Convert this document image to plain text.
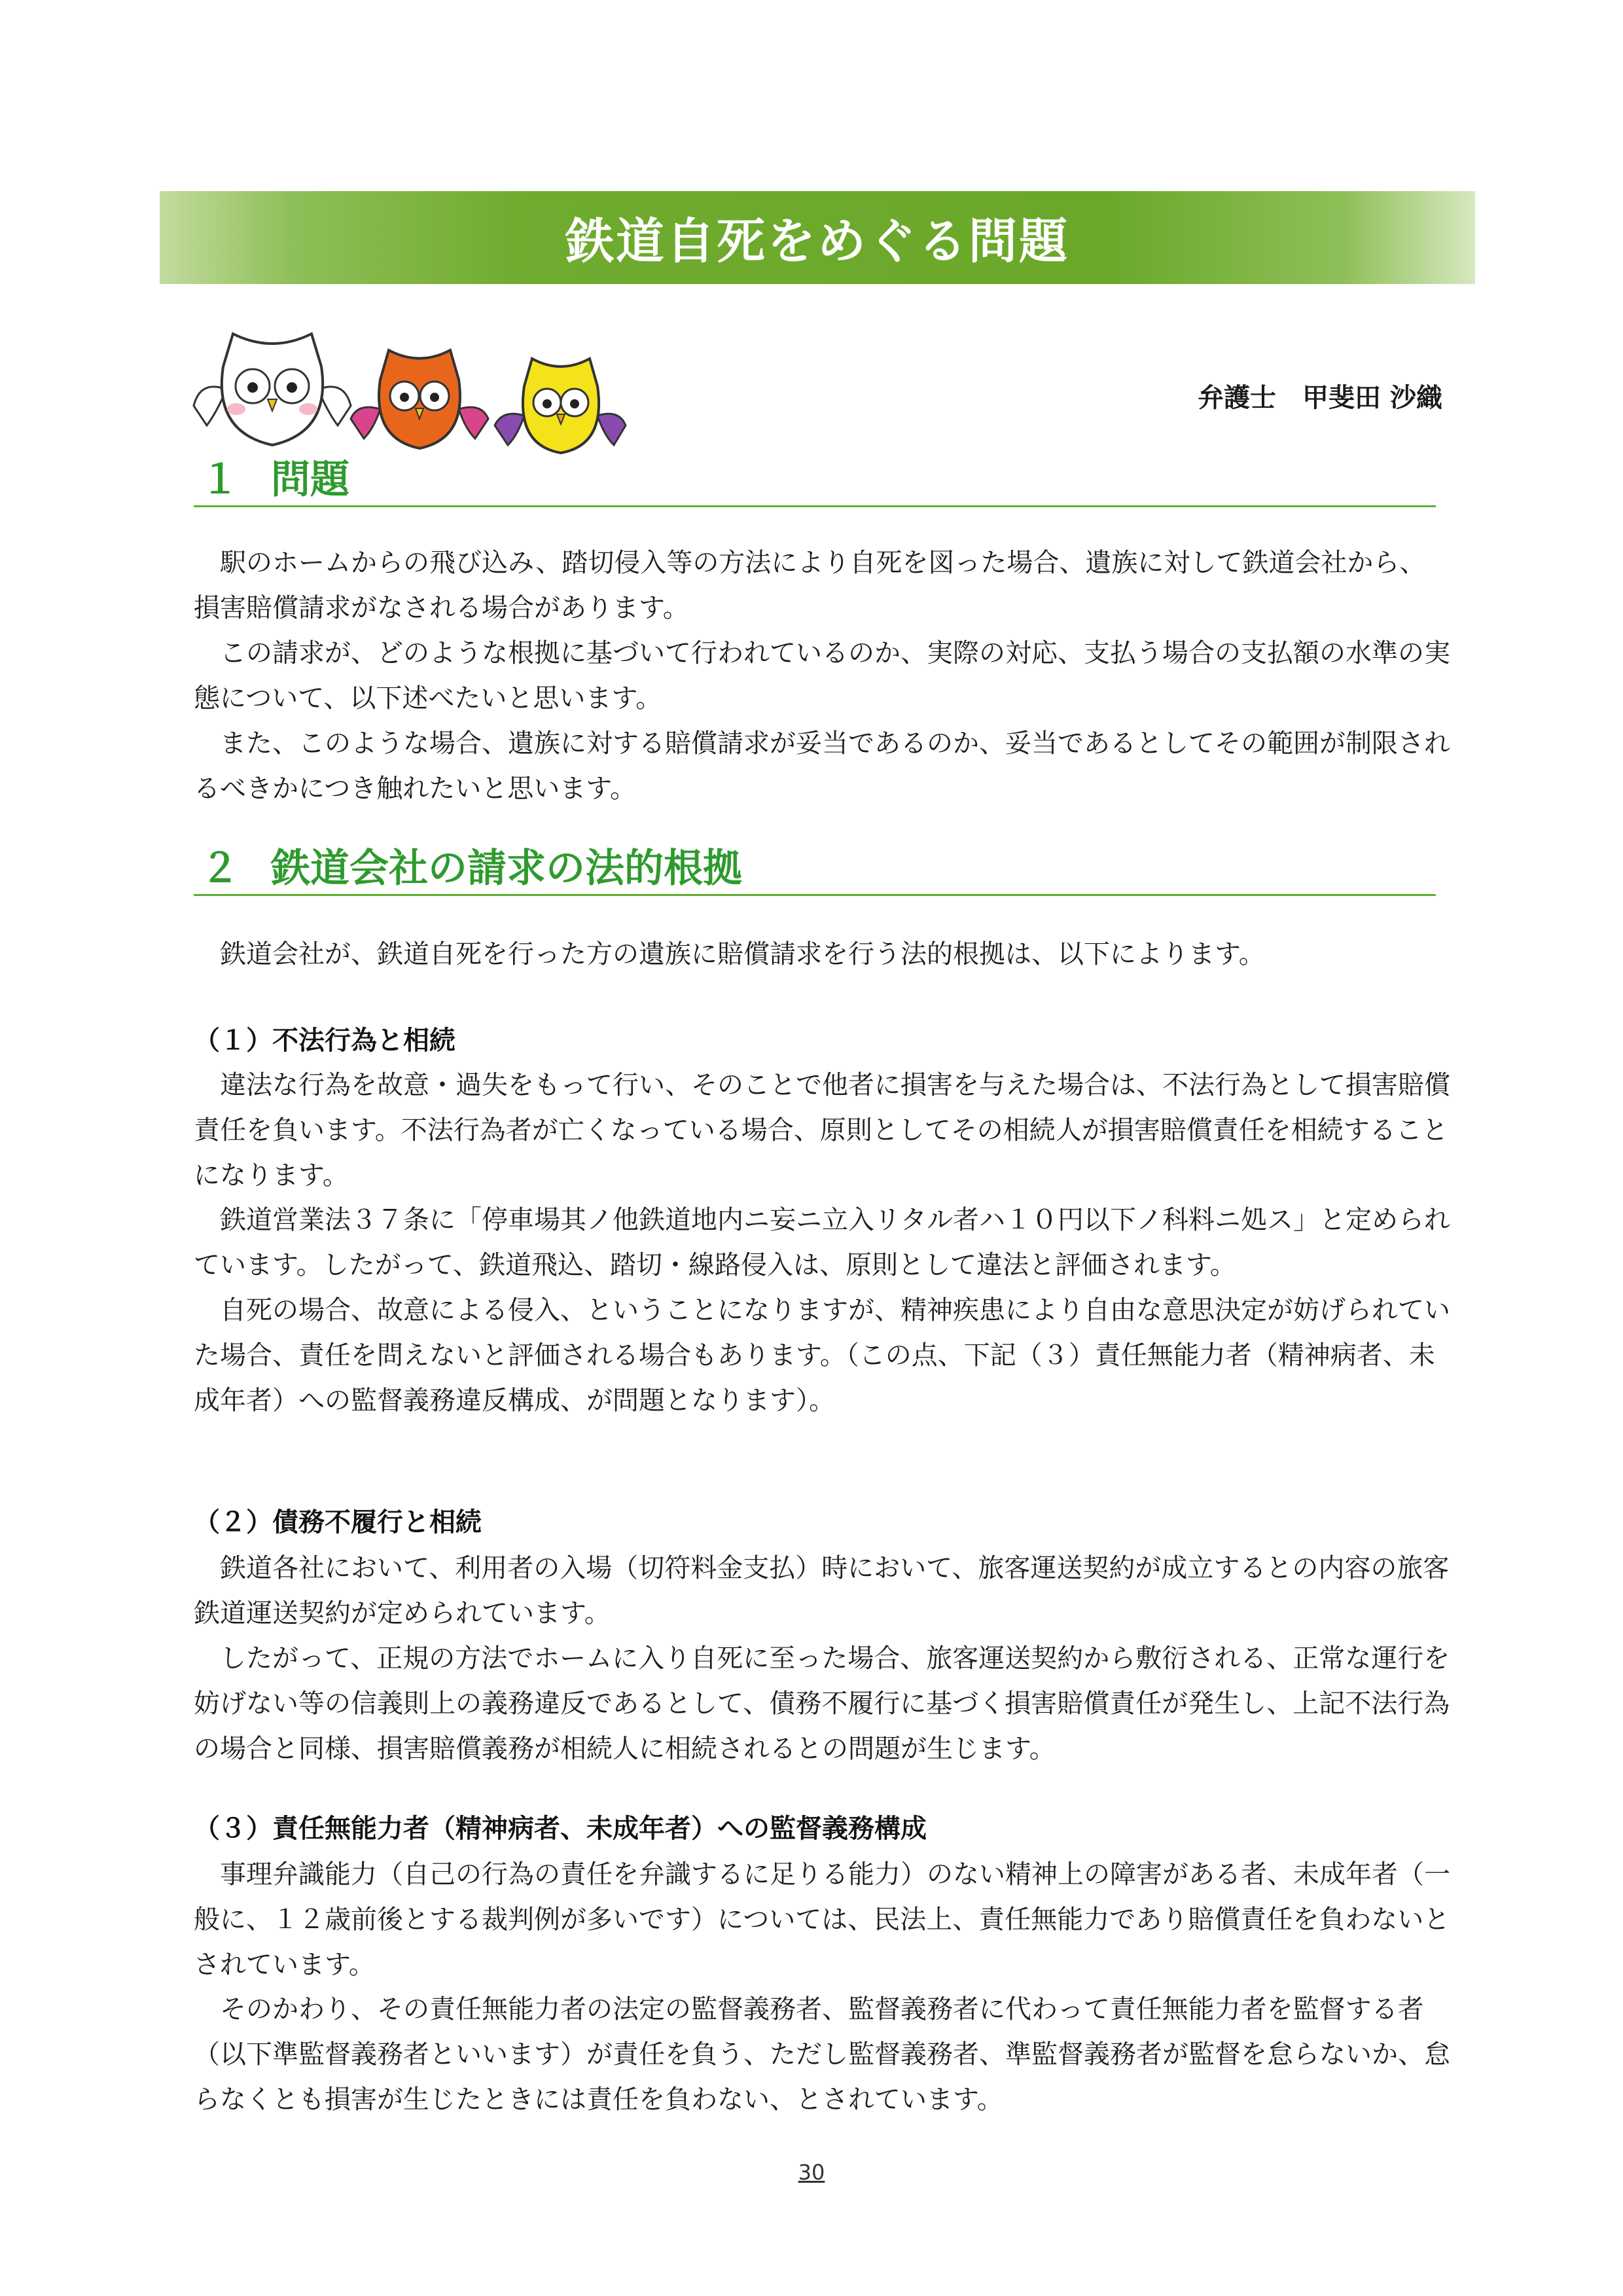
鉄道自死をめぐる問題
弁護士　甲斐田 沙織
１ 問題

駅のホームからの飛び込み、踏切侵入等の方法により自死を図った場合、遺族に対して鉄道会社から、損害賠償請求がなされる場合があります。

この請求が、どのような根拠に基づいて行われているのか、実際の対応、支払う場合の支払額の水準の実態について、以下述べたいと思います。

また、このような場合、遺族に対する賠償請求が妥当であるのか、妥当であるとしてその範囲が制限されるべきかにつき触れたいと思います。

２ 鉄道会社の請求の法的根拠

鉄道会社が、鉄道自死を行った方の遺族に賠償請求を行う法的根拠は、以下によります。

（１）不法行為と相続

違法な行為を故意・過失をもって行い、そのことで他者に損害を与えた場合は、不法行為として損害賠償責任を負います。不法行為者が亡くなっている場合、原則としてその相続人が損害賠償責任を相続することになります。

鉄道営業法３７条に「停車場其ノ他鉄道地内ニ妄ニ立入リタル者ハ１０円以下ノ科料ニ処ス」と定められています。したがって、鉄道飛込、踏切・線路侵入は、原則として違法と評価されます。

自死の場合、故意による侵入、ということになりますが、精神疾患により自由な意思決定が妨げられていた場合、責任を問えないと評価される場合もあります。（この点、下記（３）責任無能力者（精神病者、未成年者）への監督義務違反構成、が問題となります）。

（２）債務不履行と相続

鉄道各社において、利用者の入場（切符料金支払）時において、旅客運送契約が成立するとの内容の旅客鉄道運送契約が定められています。

したがって、正規の方法でホームに入り自死に至った場合、旅客運送契約から敷衍される、正常な運行を妨げない等の信義則上の義務違反であるとして、債務不履行に基づく損害賠償責任が発生し、上記不法行為の場合と同様、損害賠償義務が相続人に相続されるとの問題が生じます。

（３）責任無能力者（精神病者、未成年者）への監督義務構成

事理弁識能力（自己の行為の責任を弁識するに足りる能力）のない精神上の障害がある者、未成年者（一般に、１２歳前後とする裁判例が多いです）については、民法上、責任無能力であり賠償責任を負わないとされています。

そのかわり、その責任無能力者の法定の監督義務者、監督義務者に代わって責任無能力者を監督する者（以下準監督義務者といいます）が責任を負う、ただし監督義務者、準監督義務者が監督を怠らないか、怠らなくとも損害が生じたときには責任を負わない、とされています。

30
